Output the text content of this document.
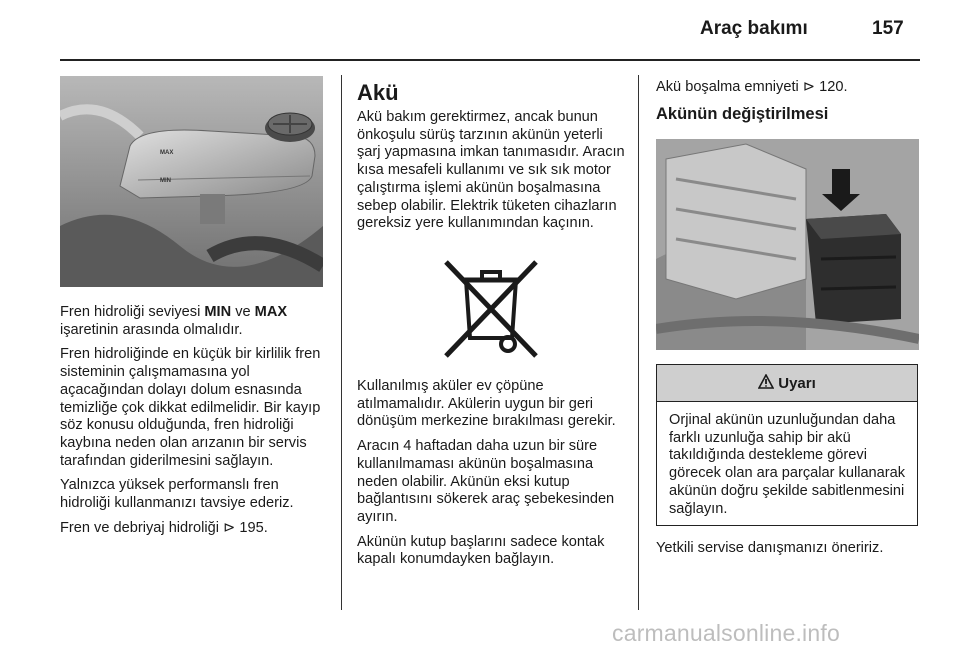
Araç bakımı	157
MAX
MIN

Fren hidroliği seviyesi MIN ve MAX işaretinin arasında olmalıdır.

Fren hidroliğinde en küçük bir kirlilik fren sisteminin çalışmamasına yol açacağından dolayı dolum esnasında temizliğe çok dikkat edilmelidir. Bir kayıp söz konusu olduğunda, fren hidroliği kaybına neden olan arızanın bir servis tarafından giderilmesini sağlayın.

Yalnızca yüksek performanslı fren hidroliği kullanmanızı tavsiye ederiz.

Fren ve debriyaj hidroliği ⊳ 195.

Akü

Akü bakım gerektirmez, ancak bunun önkoşulu sürüş tarzının akünün yeterli şarj yapmasına imkan tanımasıdır. Aracın kısa mesafeli kullanımı ve sık sık motor çalıştırma işlemi akünün boşalmasına sebep olabilir. Elektrik tüketen cihazların gereksiz yere kullanımından kaçının.

Kullanılmış aküler ev çöpüne atılmamalıdır. Akülerin uygun bir geri dönüşüm merkezine bırakılması gerekir.

Aracın 4 haftadan daha uzun bir süre kullanılmaması akünün boşalmasına neden olabilir. Akünün eksi kutup bağlantısını sökerek araç şebekesinden ayırın.

Akünün kutup başlarını sadece kontak kapalı konumdayken bağlayın.

Akü boşalma emniyeti ⊳ 120.

Akünün değiştirilmesi
Uyarı
Orjinal akünün uzunluğundan daha farklı uzunluğa sahip bir akü takıldığında destekleme görevi görecek olan ara parçalar kullanarak akünün doğru şekilde sabitlenmesini sağlayın.

Yetkili servise danışmanızı öneririz.

carmanualsonline.info
